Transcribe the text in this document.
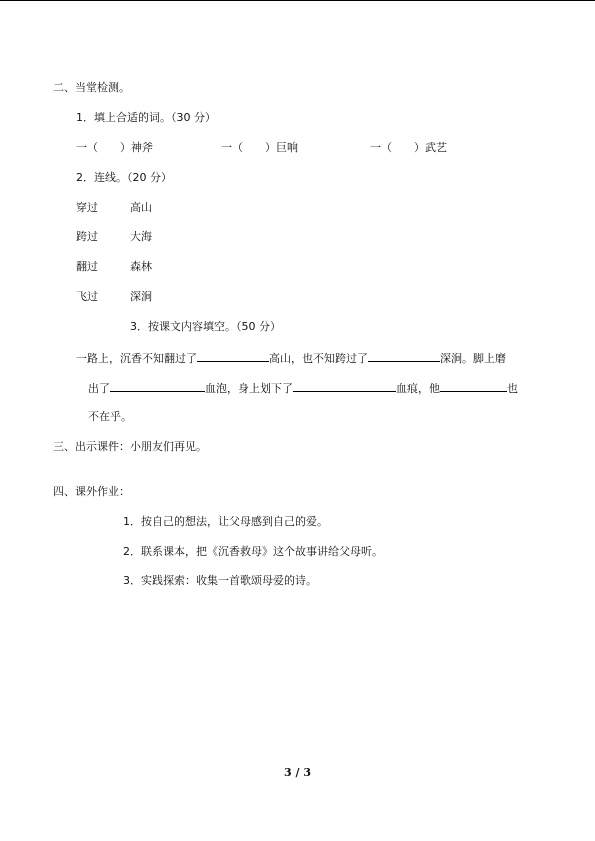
二、当堂检测。
1．填上合适的词。（30 分）
一（　　）神斧	一（　　）巨响	一（　　）武艺
2．连线。（20 分）
穿过	高山
跨过	大海
翻过	森林
飞过	深涧
3．按课文内容填空。（50 分）
一路上，沉香不知翻过了	高山，也不知跨过了	深涧。脚上磨
出了	血泡，身上划下了	血痕，他	也
不在乎。
三、出示课件：小朋友们再见。
四、课外作业：
1．按自己的想法，让父母感到自己的爱。
2．联系课本，把《沉香救母》这个故事讲给父母听。
3．实践探索：收集一首歌颂母爱的诗。
3 / 3
